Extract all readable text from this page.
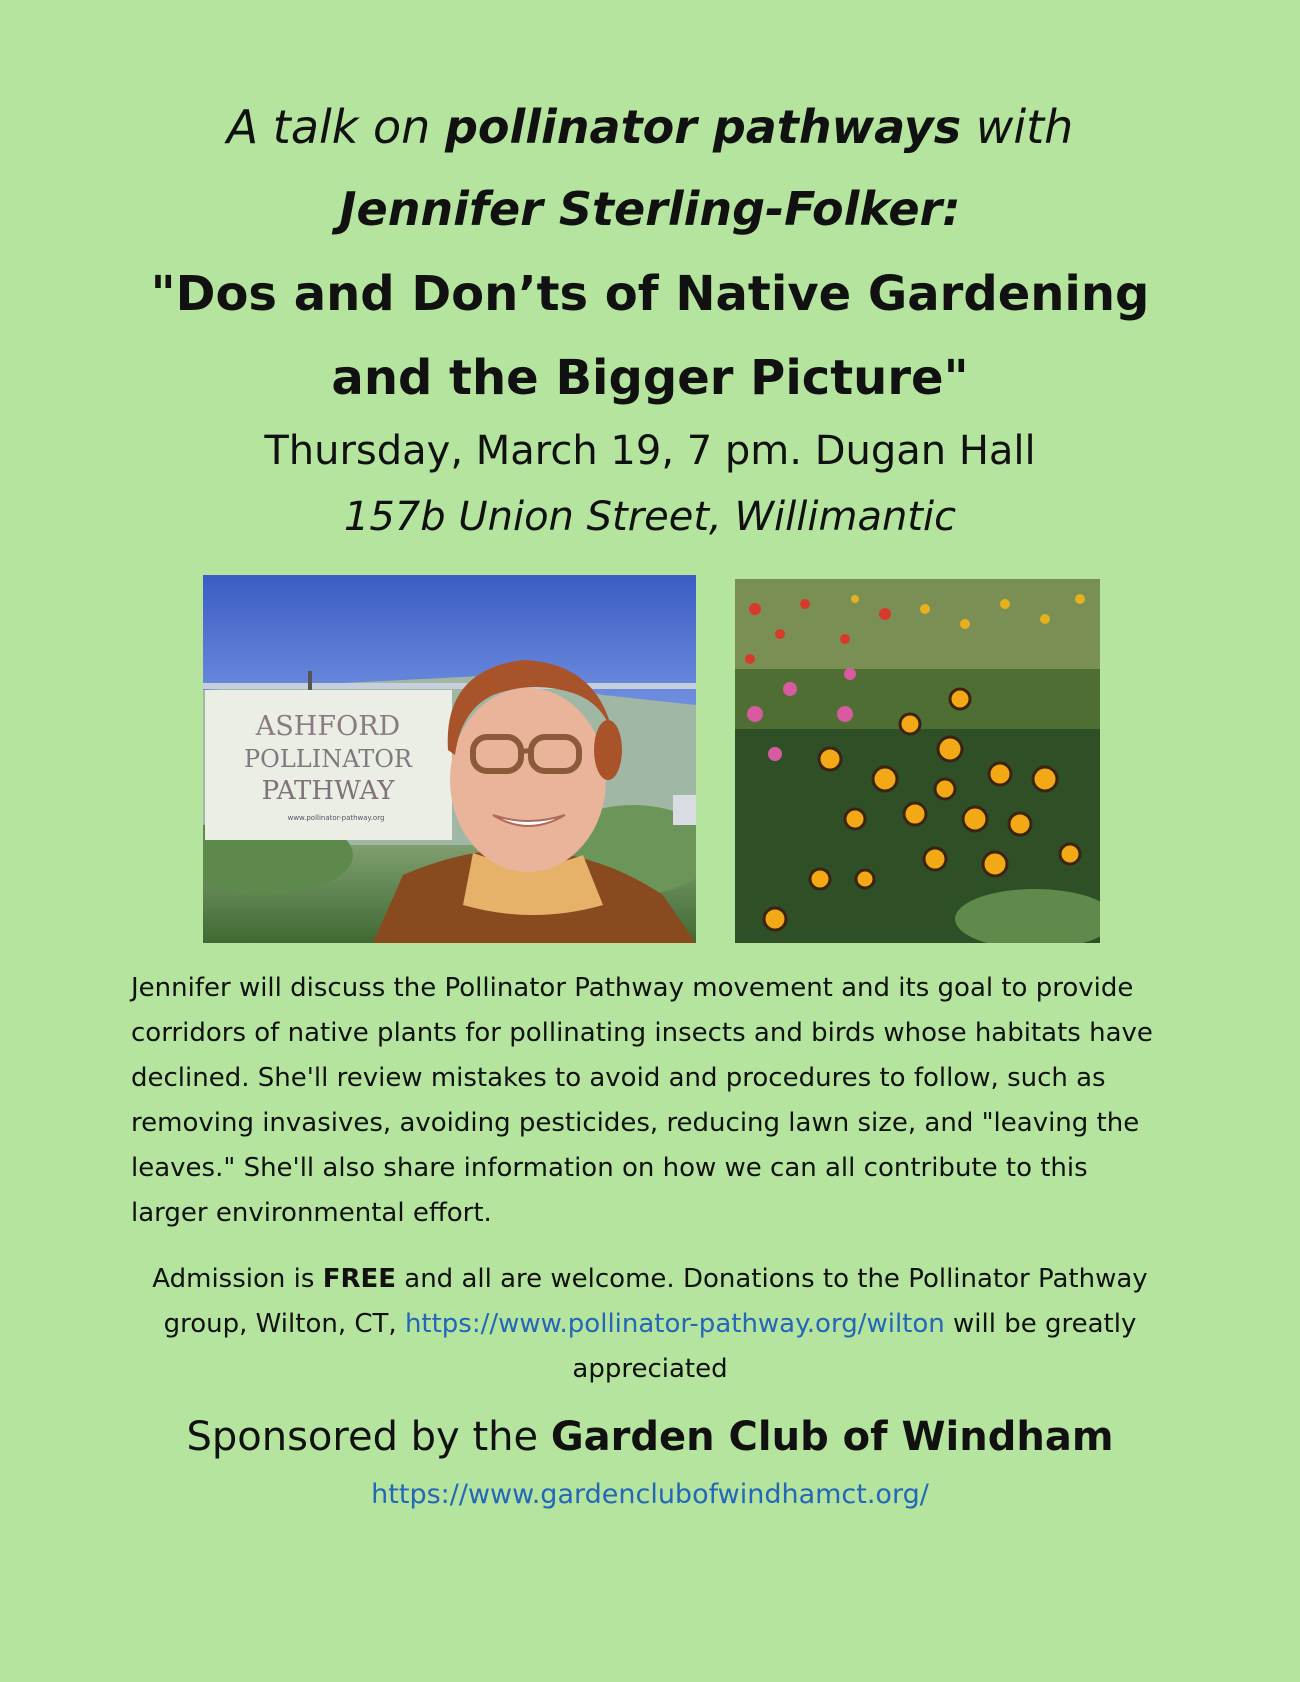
A talk on pollinator pathways with
Jennifer Sterling-Folker:
"Dos and Don’ts of Native Gardening
and the Bigger Picture"
Thursday, March 19, 7 pm. Dugan Hall
157b Union Street, Willimantic
ASHFORD
POLLINATOR
PATHWAY
www.pollinator-pathway.org
Jennifer will discuss the Pollinator Pathway movement and its goal to provide corridors of native plants for pollinating insects and birds whose habitats have declined. She'll review mistakes to avoid and procedures to follow, such as removing invasives, avoiding pesticides, reducing lawn size, and "leaving the leaves." She'll also share information on how we can all contribute to this larger environmental effort.
Admission is FREE and all are welcome. Donations to the Pollinator Pathway group, Wilton, CT, https://www.pollinator-pathway.org/wilton will be greatly appreciated
Sponsored by the Garden Club of Windham
https://www.gardenclubofwindhamct.org/
